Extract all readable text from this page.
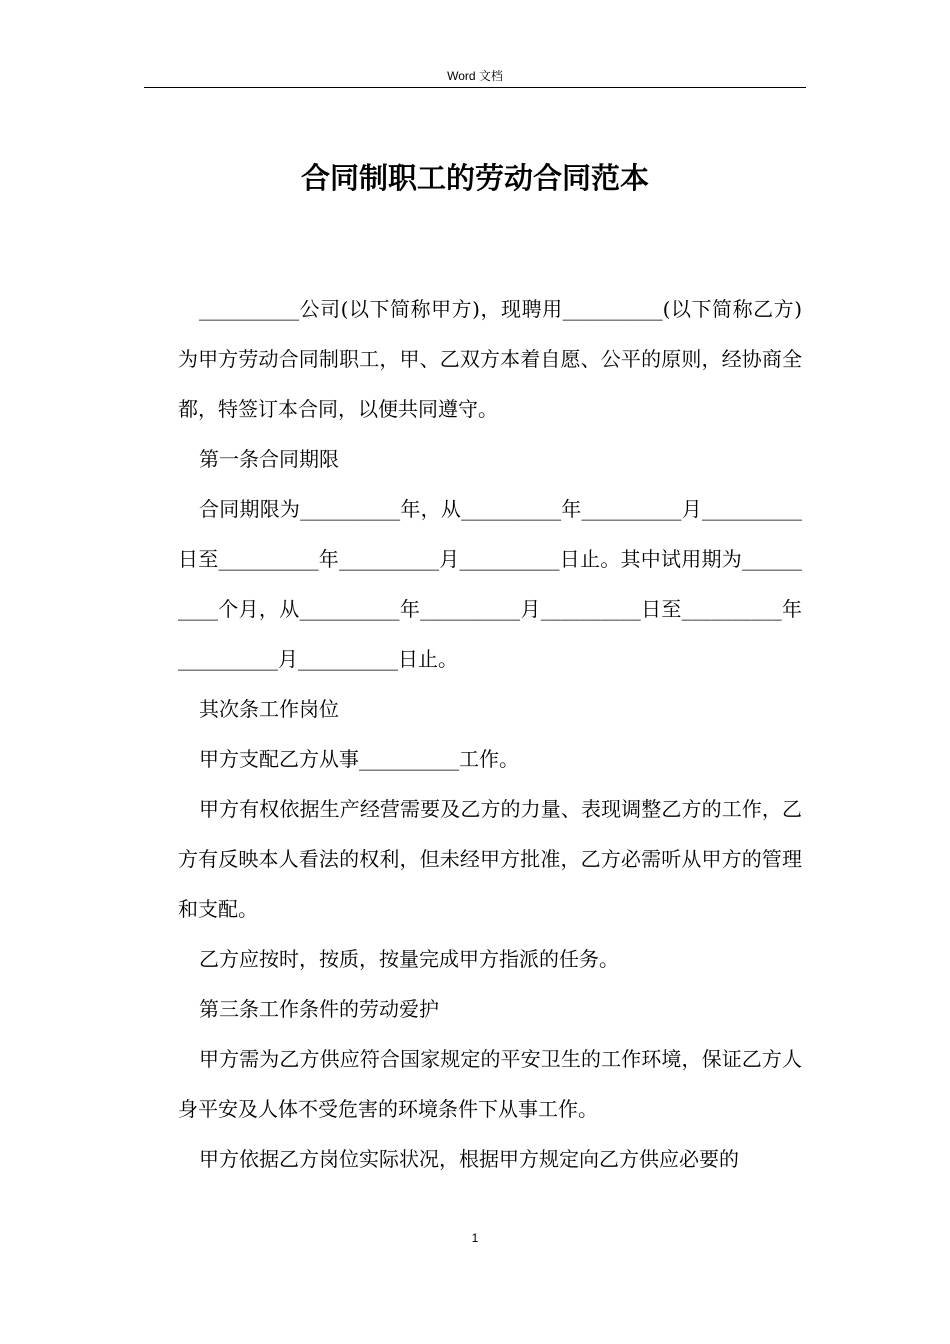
Word 文档
合同制职工的劳动合同范本

__________公司(以下简称甲方)，现聘用__________(以下简称乙方)为甲方劳动合同制职工，甲、乙双方本着自愿、公平的原则，经协商全都，特签订本合同，以便共同遵守。

第一条合同期限

合同期限为__________年，从__________年__________月__________日至__________年__________月__________日止。其中试用期为__________个月，从__________年__________月__________日至__________年__________月__________日止。

其次条工作岗位

甲方支配乙方从事__________工作。

甲方有权依据生产经营需要及乙方的力量、表现调整乙方的工作，乙方有反映本人看法的权利，但未经甲方批准，乙方必需听从甲方的管理和支配。

乙方应按时，按质，按量完成甲方指派的任务。

第三条工作条件的劳动爱护

甲方需为乙方供应符合国家规定的平安卫生的工作环境，保证乙方人身平安及人体不受危害的环境条件下从事工作。

甲方依据乙方岗位实际状况，根据甲方规定向乙方供应必要的

1
